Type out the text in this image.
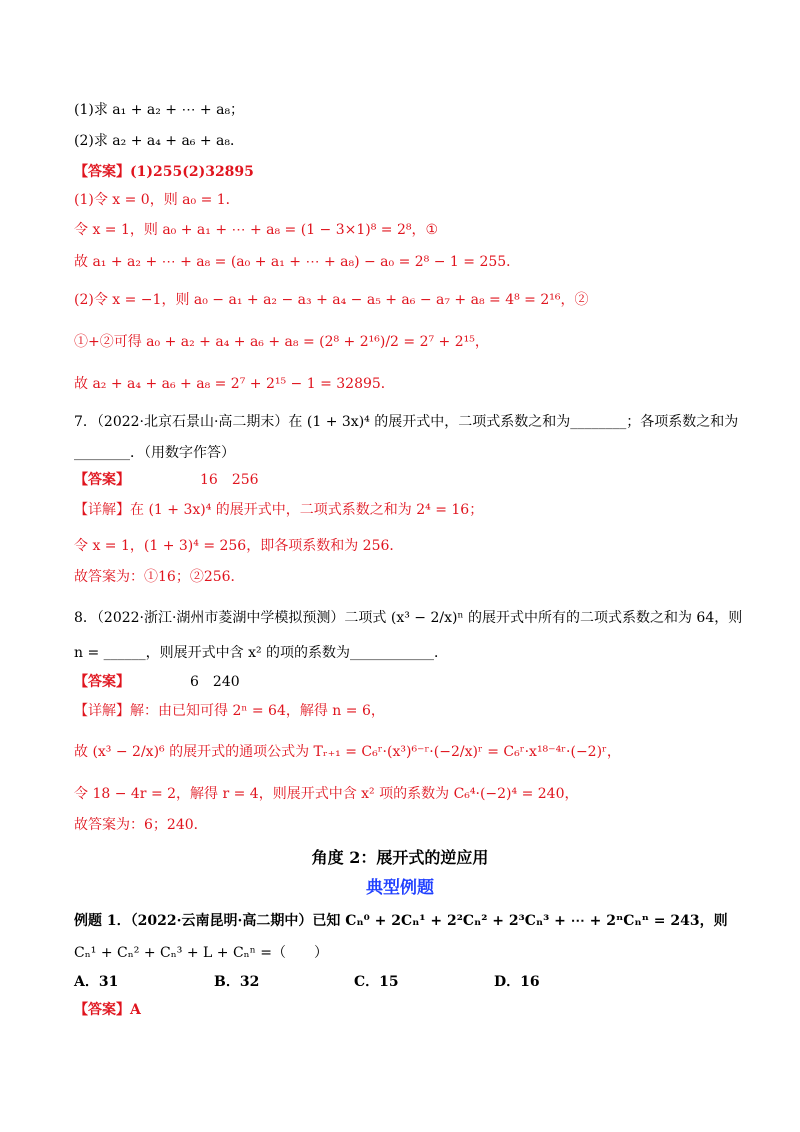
(1)求 a₁ + a₂ + ⋯ + a₈；
(2)求 a₂ + a₄ + a₆ + a₈．
【答案】(1)255(2)32895
(1)令 x = 0，则 a₀ = 1．
令 x = 1，则 a₀ + a₁ + ⋯ + a₈ = (1 − 3×1)⁸ = 2⁸，①
故 a₁ + a₂ + ⋯ + a₈ = (a₀ + a₁ + ⋯ + a₈) − a₀ = 2⁸ − 1 = 255．
(2)令 x = −1，则 a₀ − a₁ + a₂ − a₃ + a₄ − a₅ + a₆ − a₇ + a₈ = 4⁸ = 2¹⁶，②
①+②可得 a₀ + a₂ + a₄ + a₆ + a₈ = (2⁸ + 2¹⁶)/2 = 2⁷ + 2¹⁵，
故 a₂ + a₄ + a₆ + a₈ = 2⁷ + 2¹⁵ − 1 = 32895．
7．（2022·北京石景山·高二期末）在 (1 + 3x)⁴ 的展开式中，二项式系数之和为________；各项系数之和为
________．（用数字作答）
【答案】	16　256
【详解】在 (1 + 3x)⁴ 的展开式中，二项式系数之和为 2⁴ = 16；
令 x = 1，(1 + 3)⁴ = 256，即各项系数和为 256．
故答案为：①16；②256．
8．（2022·浙江·湖州市菱湖中学模拟预测）二项式 (x³ − 2/x)ⁿ 的展开式中所有的二项式系数之和为 64，则
n = ______，则展开式中含 x² 的项的系数为____________．
【答案】	6　240
【详解】解：由已知可得 2ⁿ = 64，解得 n = 6，
故 (x³ − 2/x)⁶ 的展开式的通项公式为 Tᵣ₊₁ = C₆ʳ·(x³)⁶⁻ʳ·(−2/x)ʳ = C₆ʳ·x¹⁸⁻⁴ʳ·(−2)ʳ，
令 18 − 4r = 2，解得 r = 4，则展开式中含 x² 项的系数为 C₆⁴·(−2)⁴ = 240，
故答案为：6；240．
角度 2：展开式的逆应用
典型例题
例题 1．（2022·云南昆明·高二期中）已知 Cₙ⁰ + 2Cₙ¹ + 2²Cₙ² + 2³Cₙ³ + ⋯ + 2ⁿCₙⁿ = 243，则
Cₙ¹ + Cₙ² + Cₙ³ + L + Cₙⁿ =（　　）
A．31	B．32	C．15	D．16
【答案】A
